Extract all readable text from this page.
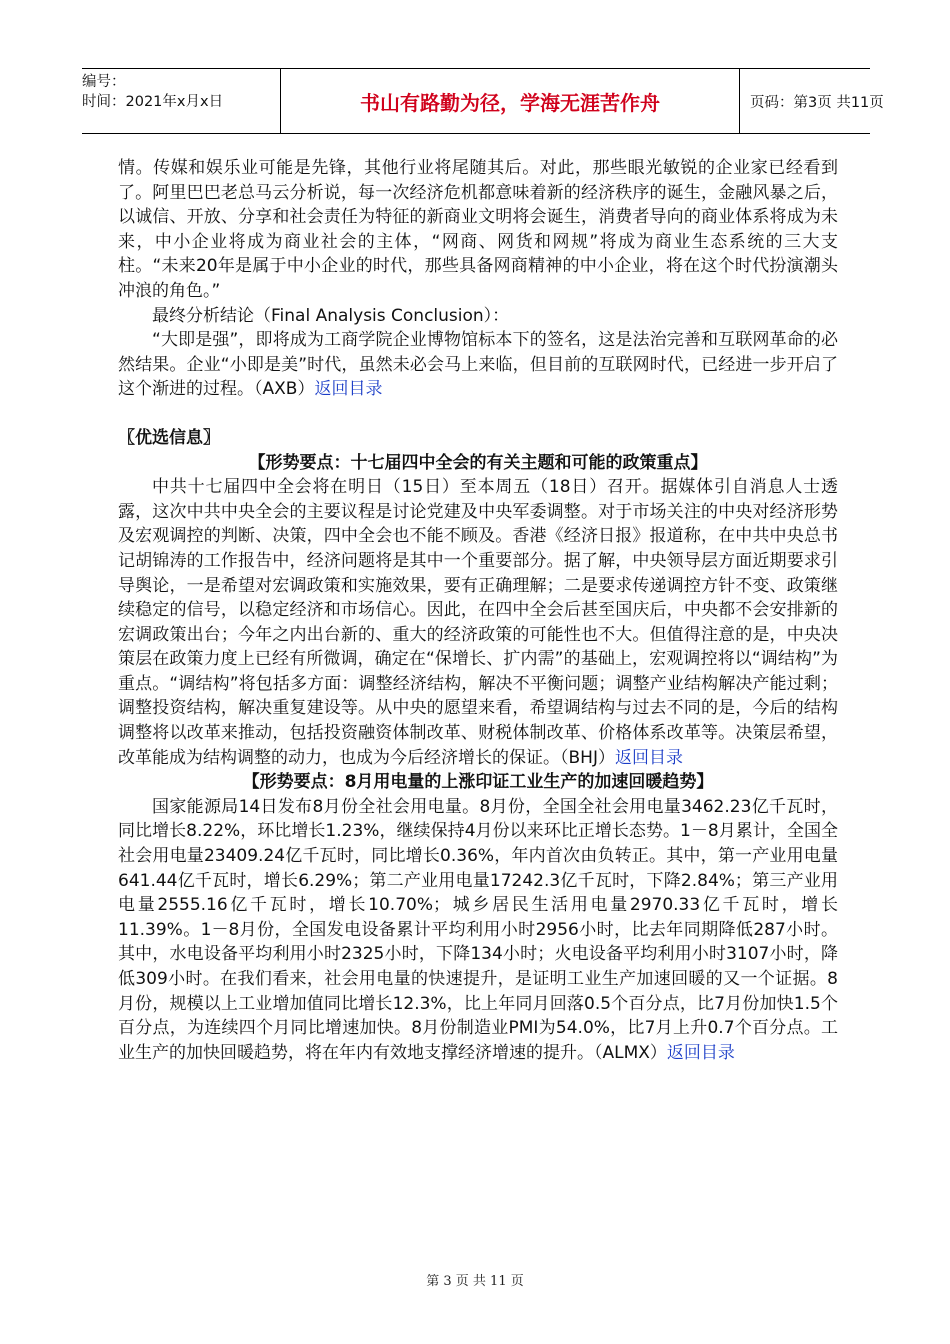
编号：
时间：2021年x月x日	书山有路勤为径，学海无涯苦作舟	页码：第3页 共11页

情。传媒和娱乐业可能是先锋，其他行业将尾随其后。对此，那些眼光敏锐的企业家已经看到了。阿里巴巴老总马云分析说，每一次经济危机都意味着新的经济秩序的诞生，金融风暴之后，以诚信、开放、分享和社会责任为特征的新商业文明将会诞生，消费者导向的商业体系将成为未来，中小企业将成为商业社会的主体，“网商、网货和网规”将成为商业生态系统的三大支柱。“未来20年是属于中小企业的时代，那些具备网商精神的中小企业，将在这个时代扮演潮头冲浪的角色。”

最终分析结论（Final Analysis Conclusion）：

“大即是强”，即将成为工商学院企业博物馆标本下的签名，这是法治完善和互联网革命的必然结果。企业“小即是美”时代，虽然未必会马上来临，但目前的互联网时代，已经进一步开启了这个渐进的过程。（AXB）返回目录

〖优选信息〗
【形势要点：十七届四中全会的有关主题和可能的政策重点】

中共十七届四中全会将在明日（15日）至本周五（18日）召开。据媒体引自消息人士透露，这次中共中央全会的主要议程是讨论党建及中央军委调整。对于市场关注的中央对经济形势及宏观调控的判断、决策，四中全会也不能不顾及。香港《经济日报》报道称，在中共中央总书记胡锦涛的工作报告中，经济问题将是其中一个重要部分。据了解，中央领导层方面近期要求引导舆论，一是希望对宏调政策和实施效果，要有正确理解；二是要求传递调控方针不变、政策继续稳定的信号，以稳定经济和市场信心。因此，在四中全会后甚至国庆后，中央都不会安排新的宏调政策出台；今年之内出台新的、重大的经济政策的可能性也不大。但值得注意的是，中央决策层在政策力度上已经有所微调，确定在“保增长、扩内需”的基础上，宏观调控将以“调结构”为重点。“调结构”将包括多方面：调整经济结构，解决不平衡问题；调整产业结构解决产能过剩；调整投资结构，解决重复建设等。从中央的愿望来看，希望调结构与过去不同的是，今后的结构调整将以改革来推动，包括投资融资体制改革、财税体制改革、价格体系改革等。决策层希望，改革能成为结构调整的动力，也成为今后经济增长的保证。（BHJ）返回目录

【形势要点：8月用电量的上涨印证工业生产的加速回暖趋势】

国家能源局14日发布8月份全社会用电量。8月份，全国全社会用电量3462.23亿千瓦时，同比增长8.22%，环比增长1.23%，继续保持4月份以来环比正增长态势。1－8月累计，全国全社会用电量23409.24亿千瓦时，同比增长0.36%，年内首次由负转正。其中，第一产业用电量641.44亿千瓦时，增长6.29%；第二产业用电量17242.3亿千瓦时，下降2.84%；第三产业用电量2555.16亿千瓦时，增长10.70%；城乡居民生活用电量2970.33亿千瓦时，增长11.39%。1－8月份，全国发电设备累计平均利用小时2956小时，比去年同期降低287小时。其中，水电设备平均利用小时2325小时，下降134小时；火电设备平均利用小时3107小时，降低309小时。在我们看来，社会用电量的快速提升，是证明工业生产加速回暖的又一个证据。8月份，规模以上工业增加值同比增长12.3%，比上年同月回落0.5个百分点，比7月份加快1.5个百分点，为连续四个月同比增速加快。8月份制造业PMI为54.0%，比7月上升0.7个百分点。工业生产的加快回暖趋势，将在年内有效地支撑经济增速的提升。（ALMX）返回目录

第 3 页 共 11 页
